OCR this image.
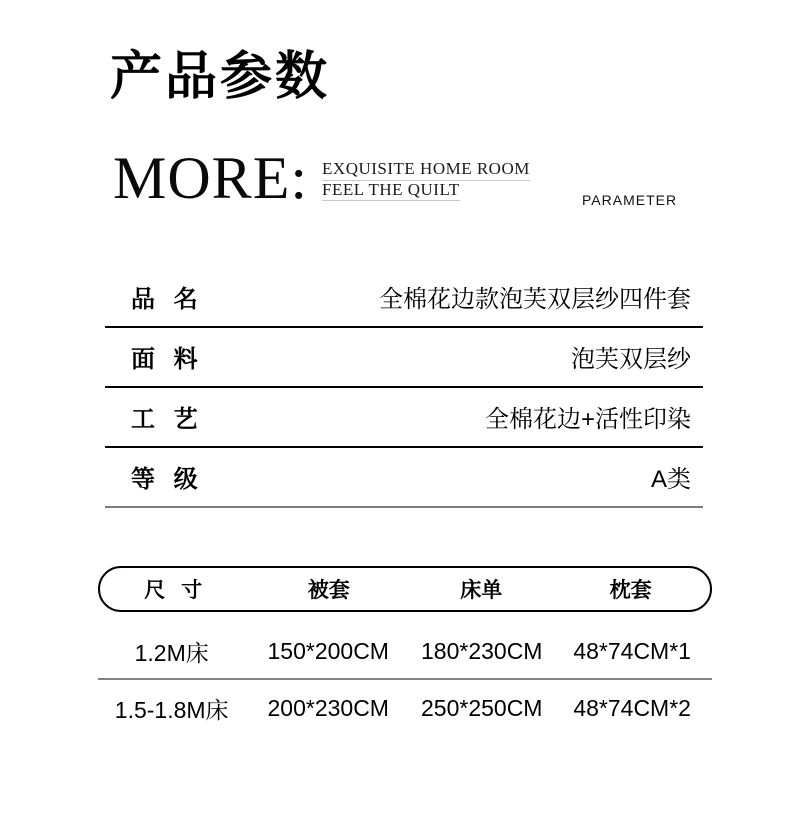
产品参数
MORE: EXQUISITE HOME ROOM
FEEL THE QUILT
PARAMETER
品 名	全棉花边款泡芙双层纱四件套
面 料	泡芙双层纱
工 艺	全棉花边+活性印染
等 级	A类
尺 寸	被套	床单	枕套
1.2M床	150*200CM	180*230CM	48*74CM*1
1.5-1.8M床	200*230CM	250*250CM	48*74CM*2
